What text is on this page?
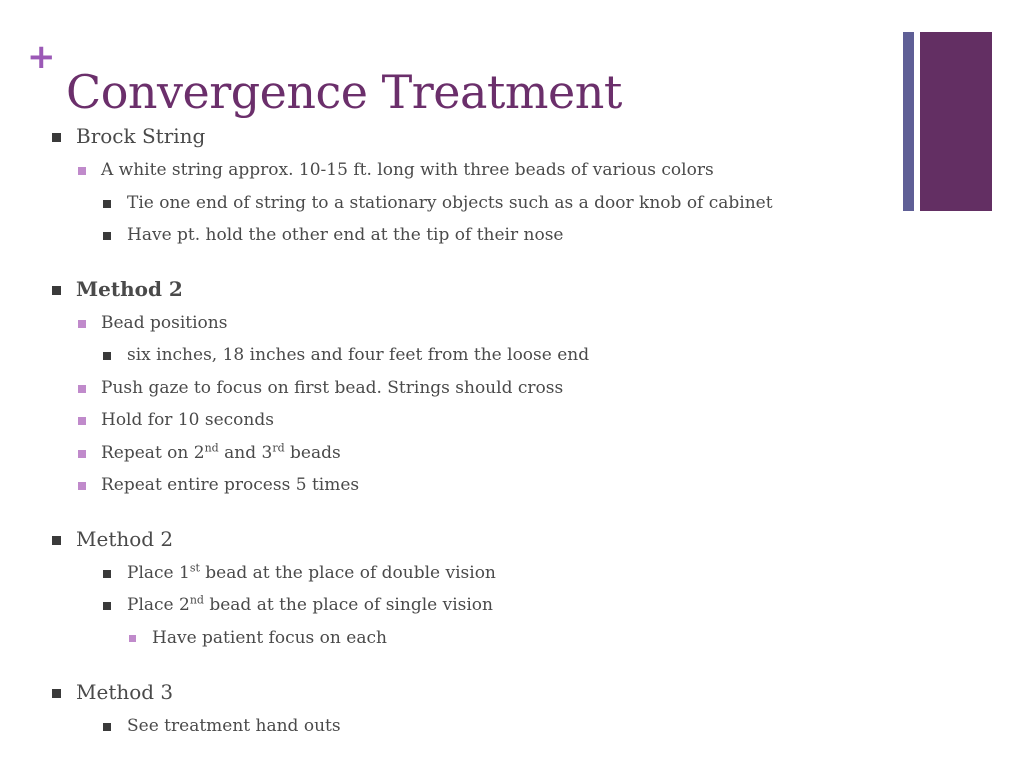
+
Convergence Treatment
Brock String
A white string approx. 10-15 ft. long with three beads of various colors
Tie one end of string to a stationary objects such as a door knob of cabinet
Have pt. hold the other end at the tip of their nose
Method 2
Bead positions
six inches, 18 inches and four feet from the loose end
Push gaze to focus on first bead. Strings should cross
Hold for 10 seconds
Repeat on 2nd and 3rd beads
Repeat entire process 5 times
Method 2
Place 1st bead at the place of double vision
Place 2nd bead at the place of single vision
Have patient focus on each
Method 3
See treatment hand outs
